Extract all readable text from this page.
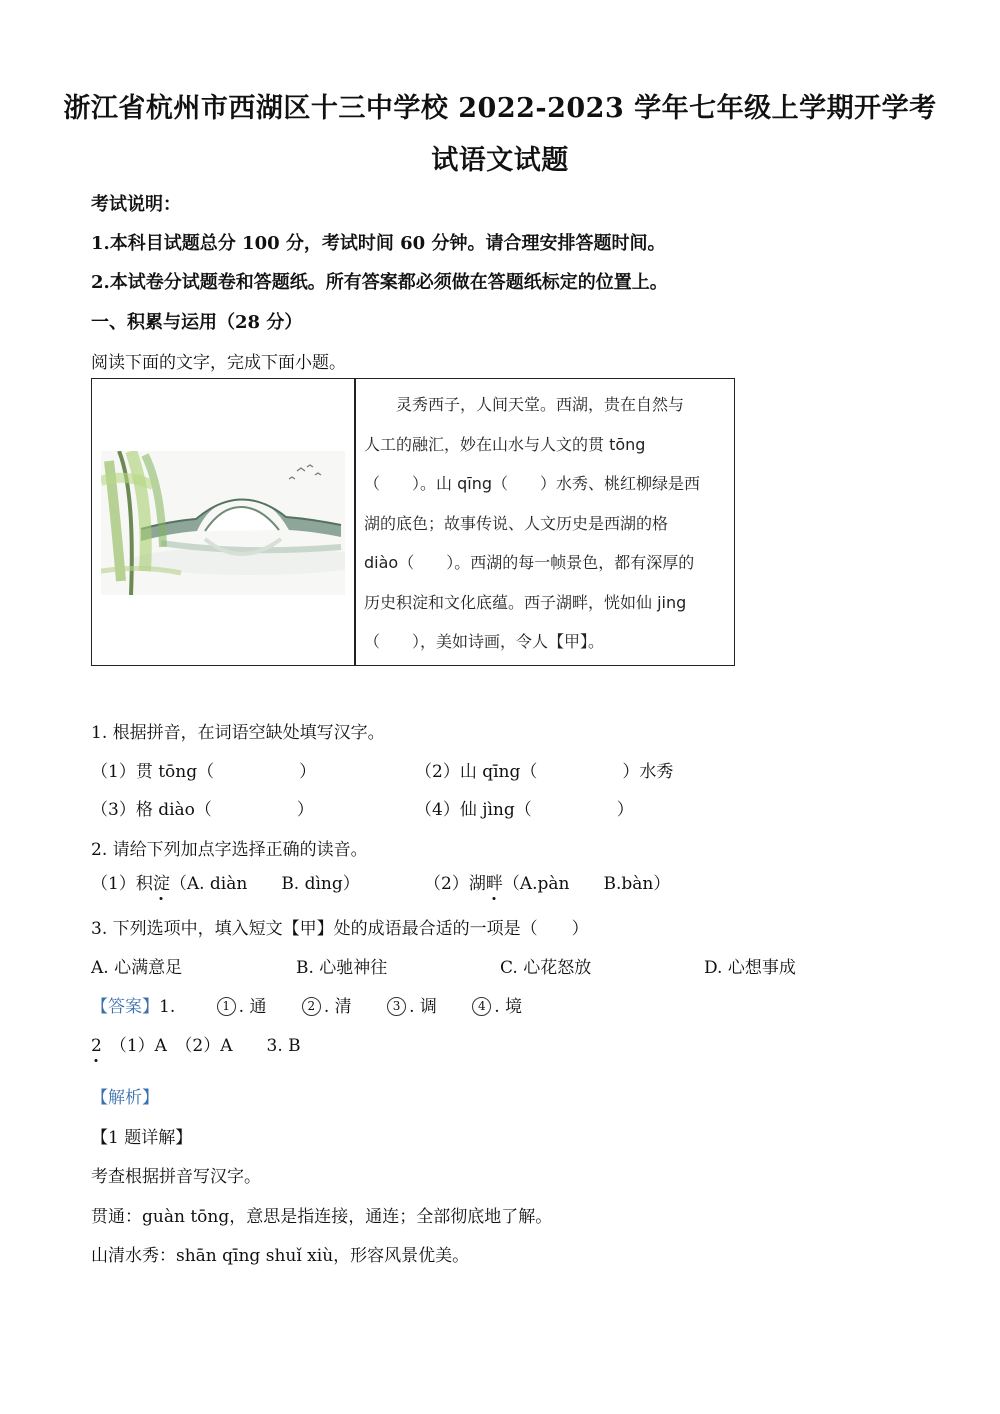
浙江省杭州市西湖区十三中学校 2022-2023 学年七年级上学期开学考
试语文试题
考试说明：
1.本科目试题总分 100 分，考试时间 60 分钟。请合理安排答题时间。
2.本试卷分试题卷和答题纸。所有答案都必须做在答题纸标定的位置上。
一、积累与运用（28 分）
阅读下面的文字，完成下面小题。
　　灵秀西子，人间天堂。西湖，贵在自然与
人工的融汇，妙在山水与人文的贯 tōng
（　　）。山 qīng（　　）水秀、桃红柳绿是西
湖的底色；故事传说、人文历史是西湖的格
diào（　　）。西湖的每一帧景色，都有深厚的
历史积淀和文化底蕴。西子湖畔，恍如仙 jing
（　　），美如诗画，令人【甲】。
1. 根据拼音，在词语空缺处填写汉字。
（1）贯 tōng（　　　　　）	（2）山 qīng（　　　　　）水秀
（3）格 diào（　　　　　）	（4）仙 jìng（　　　　　）
2. 请给下列加点字选择正确的读音。
（1）积淀（A. diàn　　B. dìng）	（2）湖畔（A.pàn　　B.bàn）
3. 下列选项中，填入短文【甲】处的成语最合适的一项是（　　）
A. 心满意足	B. 心驰神往	C. 心花怒放	D. 心想事成
【答案】1.	1 . 通	2 . 清	3 . 调	4 . 境
2 （1）A　（2）A　　3. B
【解析】
【1 题详解】
考查根据拼音写汉字。
贯通：guàn tōng，意思是指连接，通连；全部彻底地了解。
山清水秀：shān qīng shuǐ xiù，形容风景优美。
